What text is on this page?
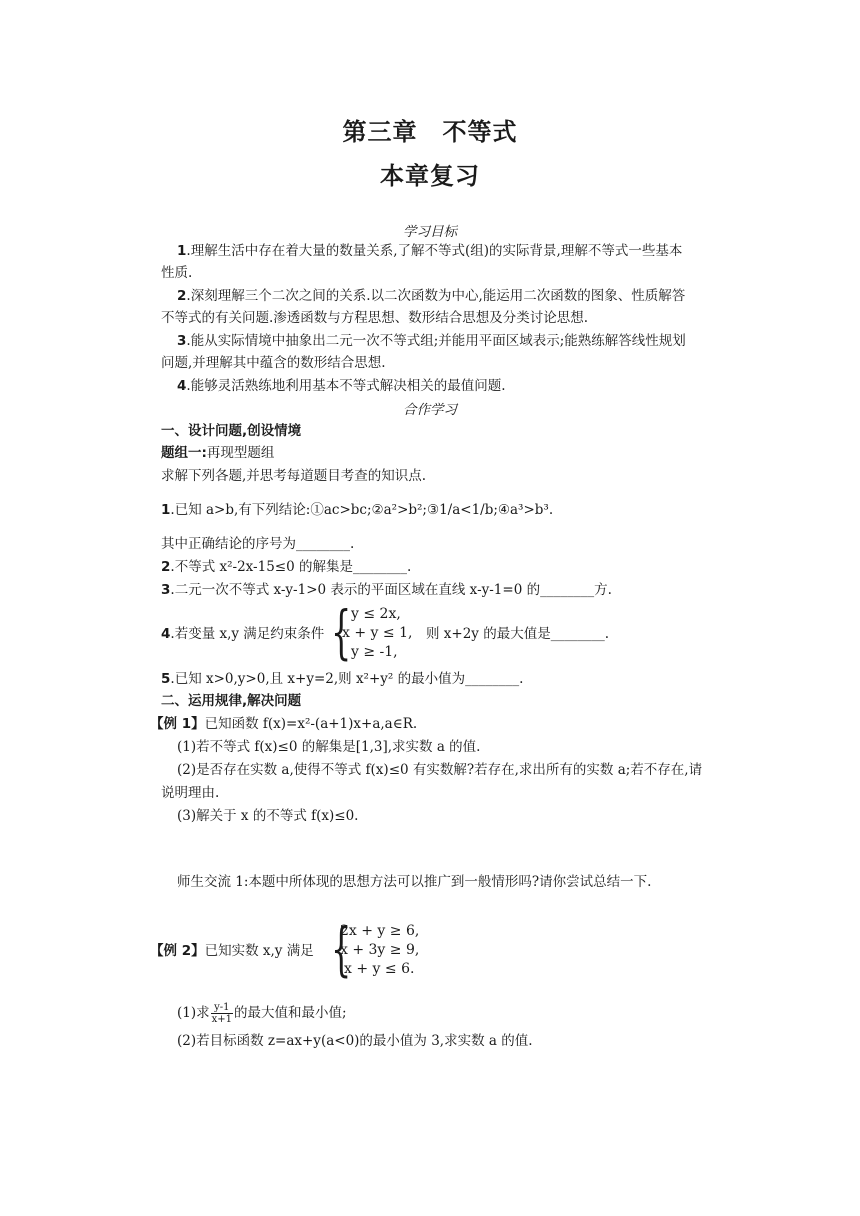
第三章　不等式
本章复习
学习目标
1.理解生活中存在着大量的数量关系,了解不等式(组)的实际背景,理解不等式一些基本
性质.
2.深刻理解三个二次之间的关系.以二次函数为中心,能运用二次函数的图象、性质解答
不等式的有关问题.渗透函数与方程思想、数形结合思想及分类讨论思想.
3.能从实际情境中抽象出二元一次不等式组;并能用平面区域表示;能熟练解答线性规划
问题,并理解其中蕴含的数形结合思想.
4.能够灵活熟练地利用基本不等式解决相关的最值问题.
合作学习
一、设计问题,创设情境
题组一:再现型题组
求解下列各题,并思考每道题目考查的知识点.
1.已知 a>b,有下列结论:①ac>bc;②a²>b²;③1/a<1/b;④a³>b³.
其中正确结论的序号为________.
2.不等式 x²-2x-15≤0 的解集是________.
3.二元一次不等式 x-y-1>0 表示的平面区域在直线 x-y-1=0 的________方.
4.若变量 x,y 满足约束条件 { y ≤ 2x,
x + y ≤ 1,
y ≥ -1,
则 x+2y 的最大值是________.
5.已知 x>0,y>0,且 x+y=2,则 x²+y² 的最小值为________.
二、运用规律,解决问题
【例 1】已知函数 f(x)=x²-(a+1)x+a,a∈R.
(1)若不等式 f(x)≤0 的解集是[1,3],求实数 a 的值.
(2)是否存在实数 a,使得不等式 f(x)≤0 有实数解?若存在,求出所有的实数 a;若不存在,请
说明理由.
(3)解关于 x 的不等式 f(x)≤0.
师生交流 1:本题中所体现的思想方法可以推广到一般情形吗?请你尝试总结一下.
【例 2】已知实数 x,y 满足 {
2x + y ≥ 6,
x + 3y ≥ 9,
x + y ≤ 6.
(1)求 $\frac{y-1}{x+1}$ 的最大值和最小值;
(2)若目标函数 z=ax+y(a<0)的最小值为 3,求实数 a 的值.
